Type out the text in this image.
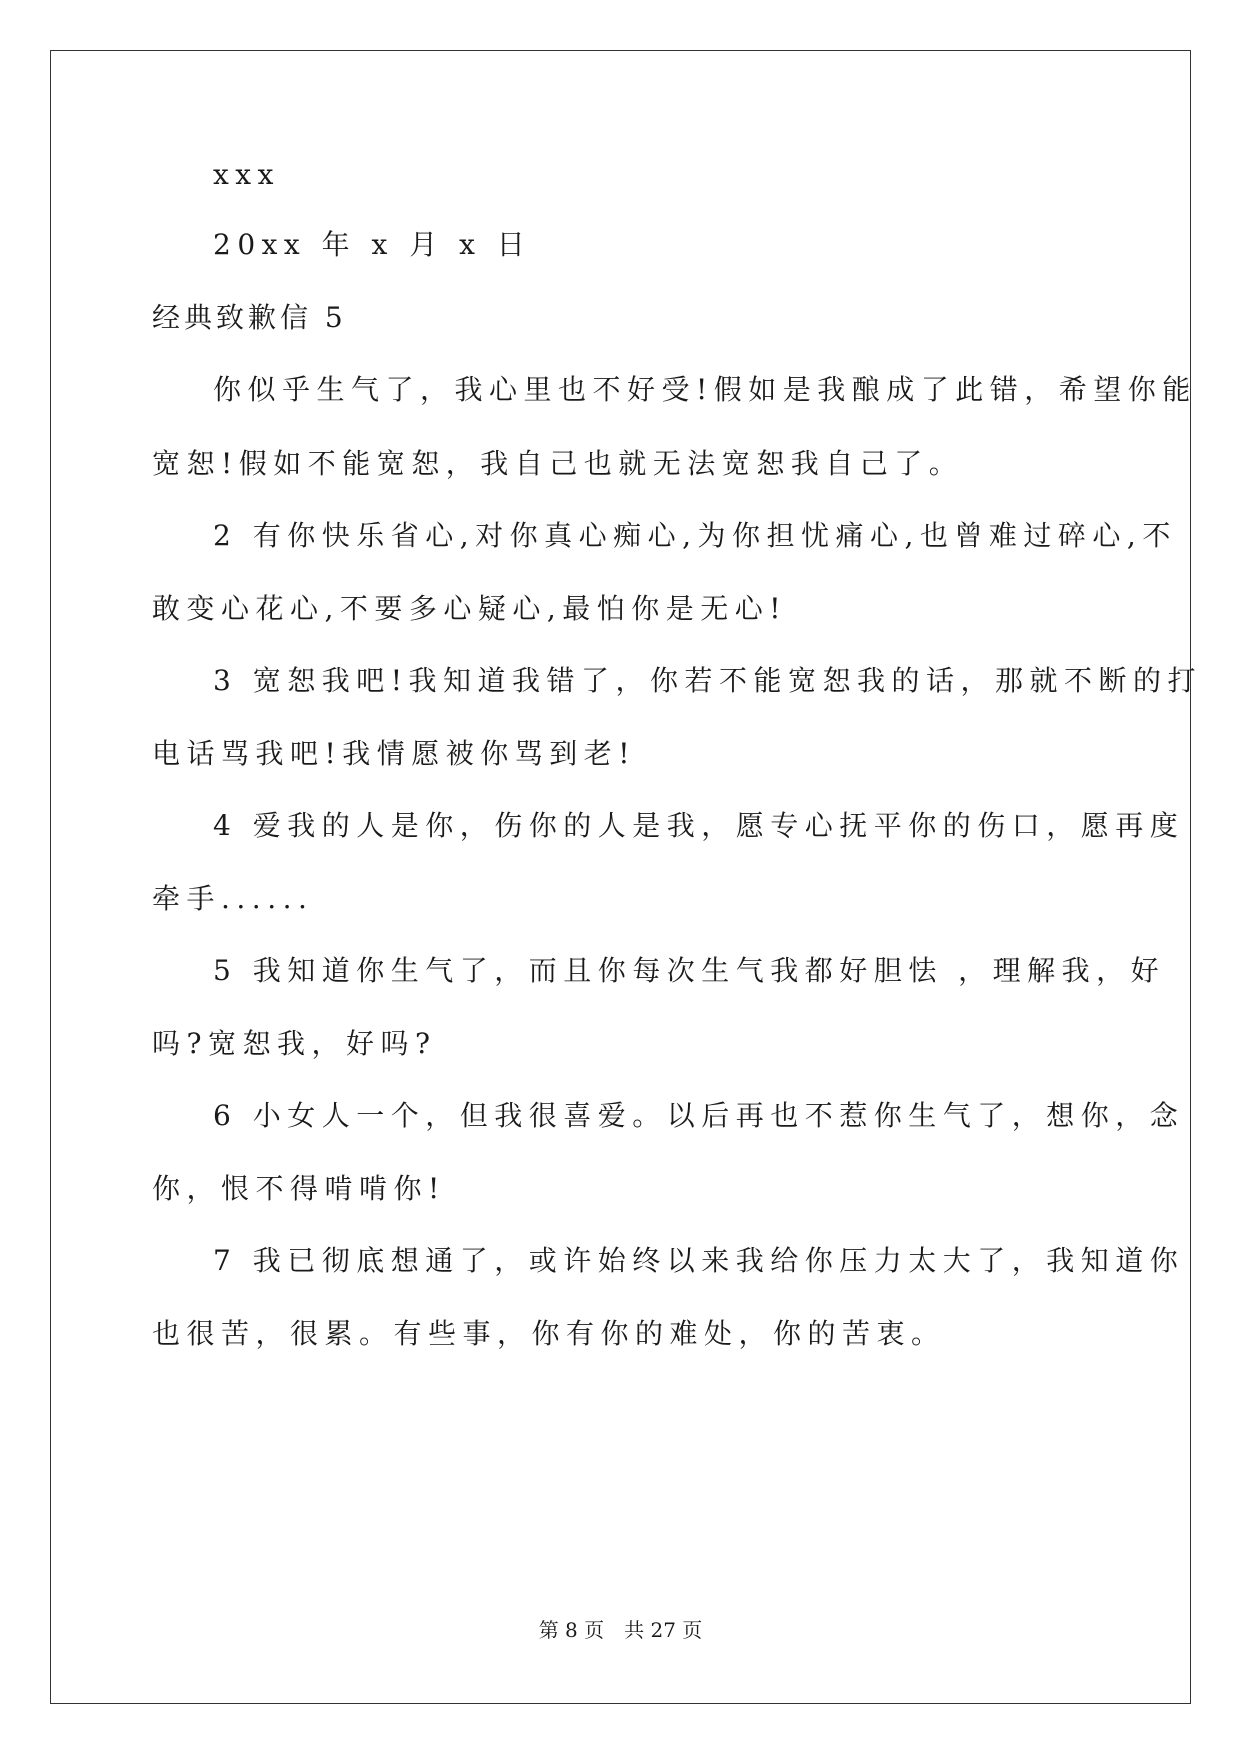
xxx
20xx 年 x 月 x 日
经典致歉信 5
你似乎生气了，我心里也不好受!假如是我酿成了此错，希望你能
宽恕!假如不能宽恕，我自己也就无法宽恕我自己了。
2 有你快乐省心,对你真心痴心,为你担忧痛心,也曾难过碎心,不
敢变心花心,不要多心疑心,最怕你是无心!
3 宽恕我吧!我知道我错了，你若不能宽恕我的话，那就不断的打
电话骂我吧!我情愿被你骂到老!
4 爱我的人是你，伤你的人是我，愿专心抚平你的伤口，愿再度
牵手......
5 我知道你生气了，而且你每次生气我都好胆怯 ，理解我，好
吗?宽恕我，好吗?
6 小女人一个，但我很喜爱。以后再也不惹你生气了，想你，念
你，恨不得啃啃你!
7 我已彻底想通了，或许始终以来我给你压力太大了，我知道你
也很苦，很累。有些事，你有你的难处，你的苦衷。
第 8 页 共 27 页
